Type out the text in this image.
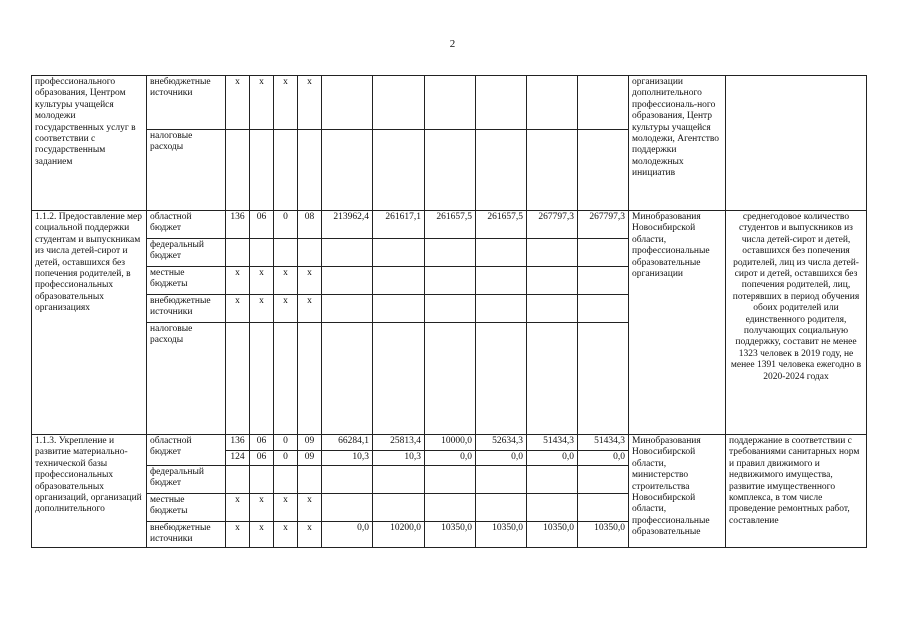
2
профессионального образования, Центром культуры учащейся молодежи государственных услуг в соответствии с государственным заданием	внебюджетные источники	х	х	х	х							организации дополнительного профессиональ-ного образования, Центр культуры учащейся молодежи, Агентство поддержки молодежных инициатив	
	налоговые расходы												
1.1.2. Предоставление мер социальной поддержки студентам и выпускникам из числа детей-сирот и детей, оставшихся без попечения родителей, в профессиональных образовательных организациях	областной бюджет	136	06	0	08	213962,4	261617,1	261657,5	261657,5	267797,3	267797,3	Минобразования Новосибирской области, профессиональные образовательные организации	среднегодовое количество студентов и выпускников из числа детей-сирот и детей, оставшихся без попечения родителей, лиц из числа детей-сирот и детей, оставшихся без попечения родителей, лиц, потерявших в период обучения обоих родителей или единственного родителя, получающих социальную поддержку, составит не менее 1323 человек в 2019 году, не менее 1391 человека ежегодно в 2020-2024 годах
	федеральный бюджет												
	местные бюджеты	х	х	х	х								
	внебюджетные источники	х	х	х	х								
	налоговые расходы												
1.1.3. Укрепление и развитие материально-технической базы профессиональных образовательных организаций, организаций дополнительного	областной бюджет	136	06	0	09	66284,1	25813,4	10000,0	52634,3	51434,3	51434,3	Минобразования Новосибирской области, министерство строительства Новосибирской области, профессиональные образовательные	поддержание в соответствии с требованиями санитарных норм и правил движимого и недвижимого имущества, развитие имущественного комплекса, в том числе проведение ремонтных работ, составление
		124	06	0	09	10,3	10,3	0,0	0,0	0,0	0,0		
	федеральный бюджет												
	местные бюджеты	х	х	х	х								
	внебюджетные источники	х	х	х	х	0,0	10200,0	10350,0	10350,0	10350,0	10350,0		
